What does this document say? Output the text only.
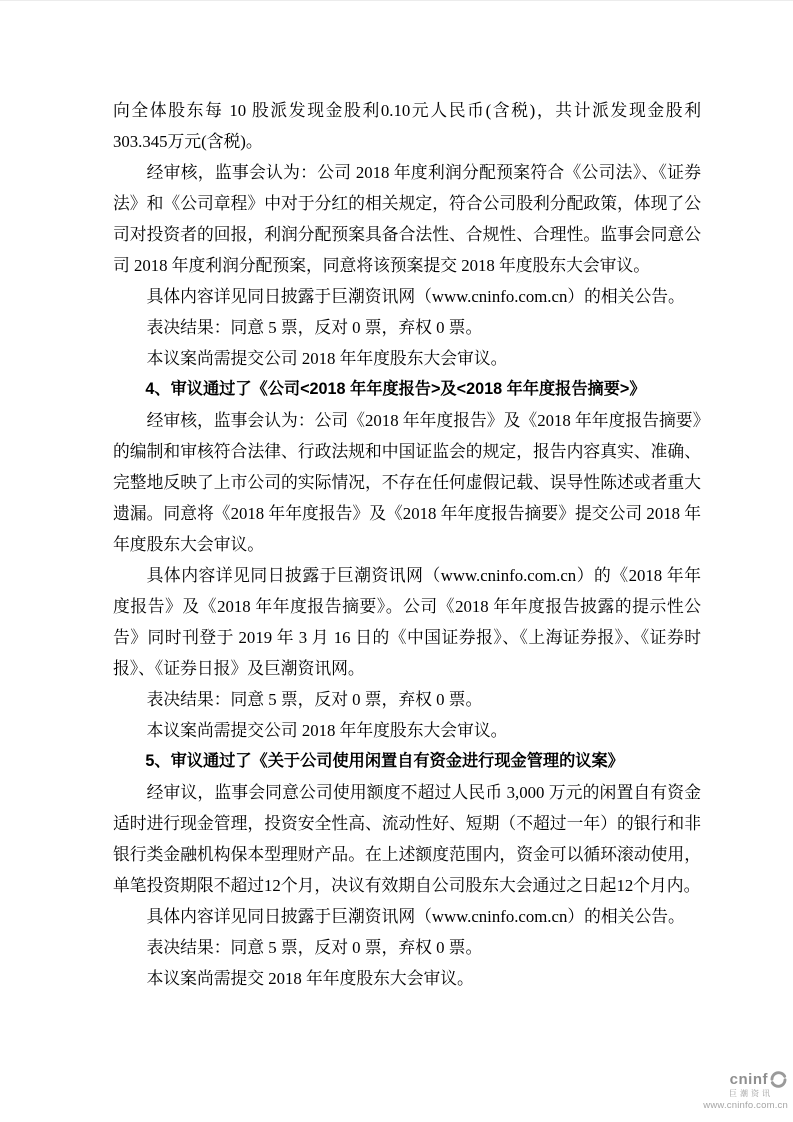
向全体股东每 10 股派发现金股利0.10元人民币(含税)，共计派发现金股利303.345万元(含税)。

经审核，监事会认为：公司 2018 年度利润分配预案符合《公司法》、《证券法》和《公司章程》中对于分红的相关规定，符合公司股利分配政策，体现了公司对投资者的回报，利润分配预案具备合法性、合规性、合理性。监事会同意公司 2018 年度利润分配预案，同意将该预案提交 2018 年度股东大会审议。

具体内容详见同日披露于巨潮资讯网（www.cninfo.com.cn）的相关公告。

表决结果：同意 5 票，反对 0 票，弃权 0 票。

本议案尚需提交公司 2018 年年度股东大会审议。

4、审议通过了《公司<2018 年年度报告>及<2018 年年度报告摘要>》

经审核，监事会认为：公司《2018 年年度报告》及《2018 年年度报告摘要》的编制和审核符合法律、行政法规和中国证监会的规定，报告内容真实、准确、完整地反映了上市公司的实际情况，不存在任何虚假记载、误导性陈述或者重大遗漏。同意将《2018 年年度报告》及《2018 年年度报告摘要》提交公司 2018 年年度股东大会审议。

具体内容详见同日披露于巨潮资讯网（www.cninfo.com.cn）的《2018 年年度报告》及《2018 年年度报告摘要》。公司《2018 年年度报告披露的提示性公告》同时刊登于 2019 年 3 月 16 日的《中国证券报》、《上海证券报》、《证券时报》、《证券日报》及巨潮资讯网。

表决结果：同意 5 票，反对 0 票，弃权 0 票。

本议案尚需提交公司 2018 年年度股东大会审议。

5、审议通过了《关于公司使用闲置自有资金进行现金管理的议案》

经审议，监事会同意公司使用额度不超过人民币 3,000 万元的闲置自有资金适时进行现金管理，投资安全性高、流动性好、短期（不超过一年）的银行和非银行类金融机构保本型理财产品。在上述额度范围内，资金可以循环滚动使用，单笔投资期限不超过12个月，决议有效期自公司股东大会通过之日起12个月内。

具体内容详见同日披露于巨潮资讯网（www.cninfo.com.cn）的相关公告。

表决结果：同意 5 票，反对 0 票，弃权 0 票。

本议案尚需提交 2018 年年度股东大会审议。

cninf
巨潮资讯
www.cninfo.com.cn
